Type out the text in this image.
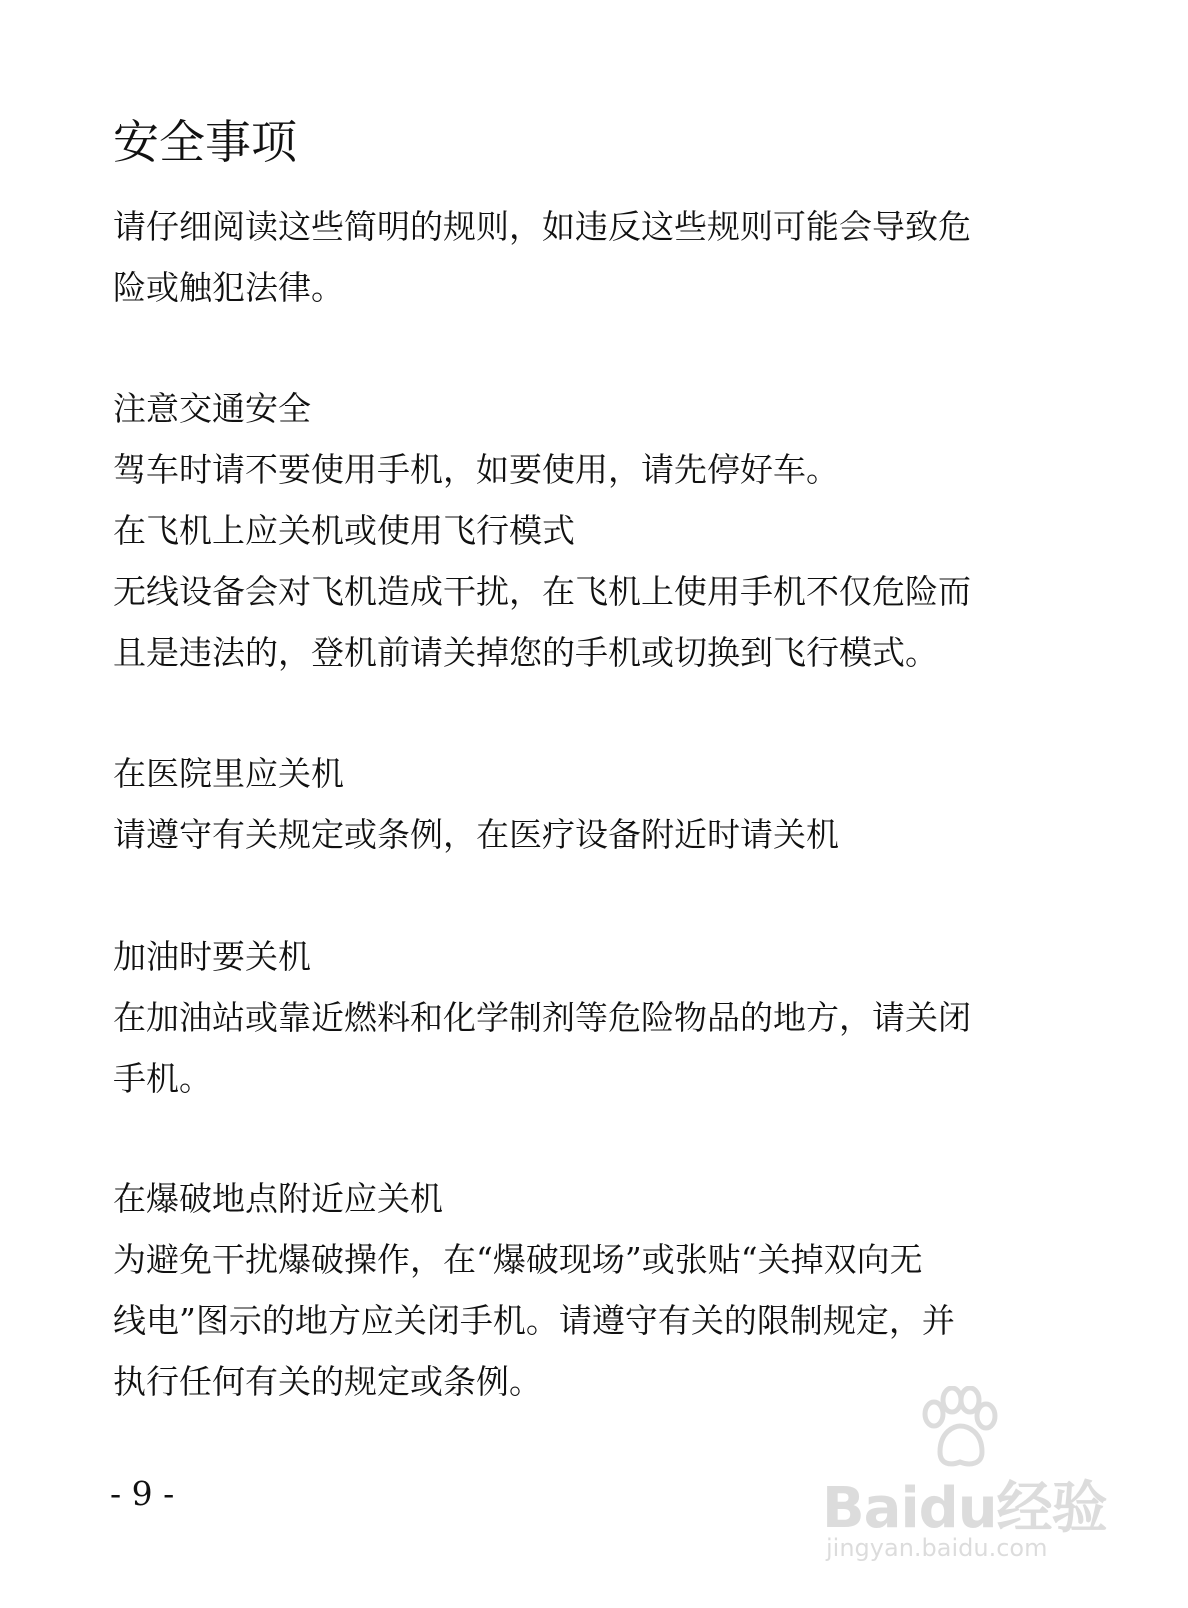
安全事项

请仔细阅读这些简明的规则，如违反这些规则可能会导致危

险或触犯法律。

注意交通安全

驾车时请不要使用手机，如要使用，请先停好车。

在飞机上应关机或使用飞行模式

无线设备会对飞机造成干扰，在飞机上使用手机不仅危险而

且是违法的，登机前请关掉您的手机或切换到飞行模式。

在医院里应关机

请遵守有关规定或条例，在医疗设备附近时请关机

加油时要关机

在加油站或靠近燃料和化学制剂等危险物品的地方，请关闭

手机。

在爆破地点附近应关机

为避免干扰爆破操作，在“爆破现场”或张贴“关掉双向无

线电”图示的地方应关闭手机。请遵守有关的限制规定，并

执行任何有关的规定或条例。

- 9 -	Baidu经验
jingyan.baidu.com
